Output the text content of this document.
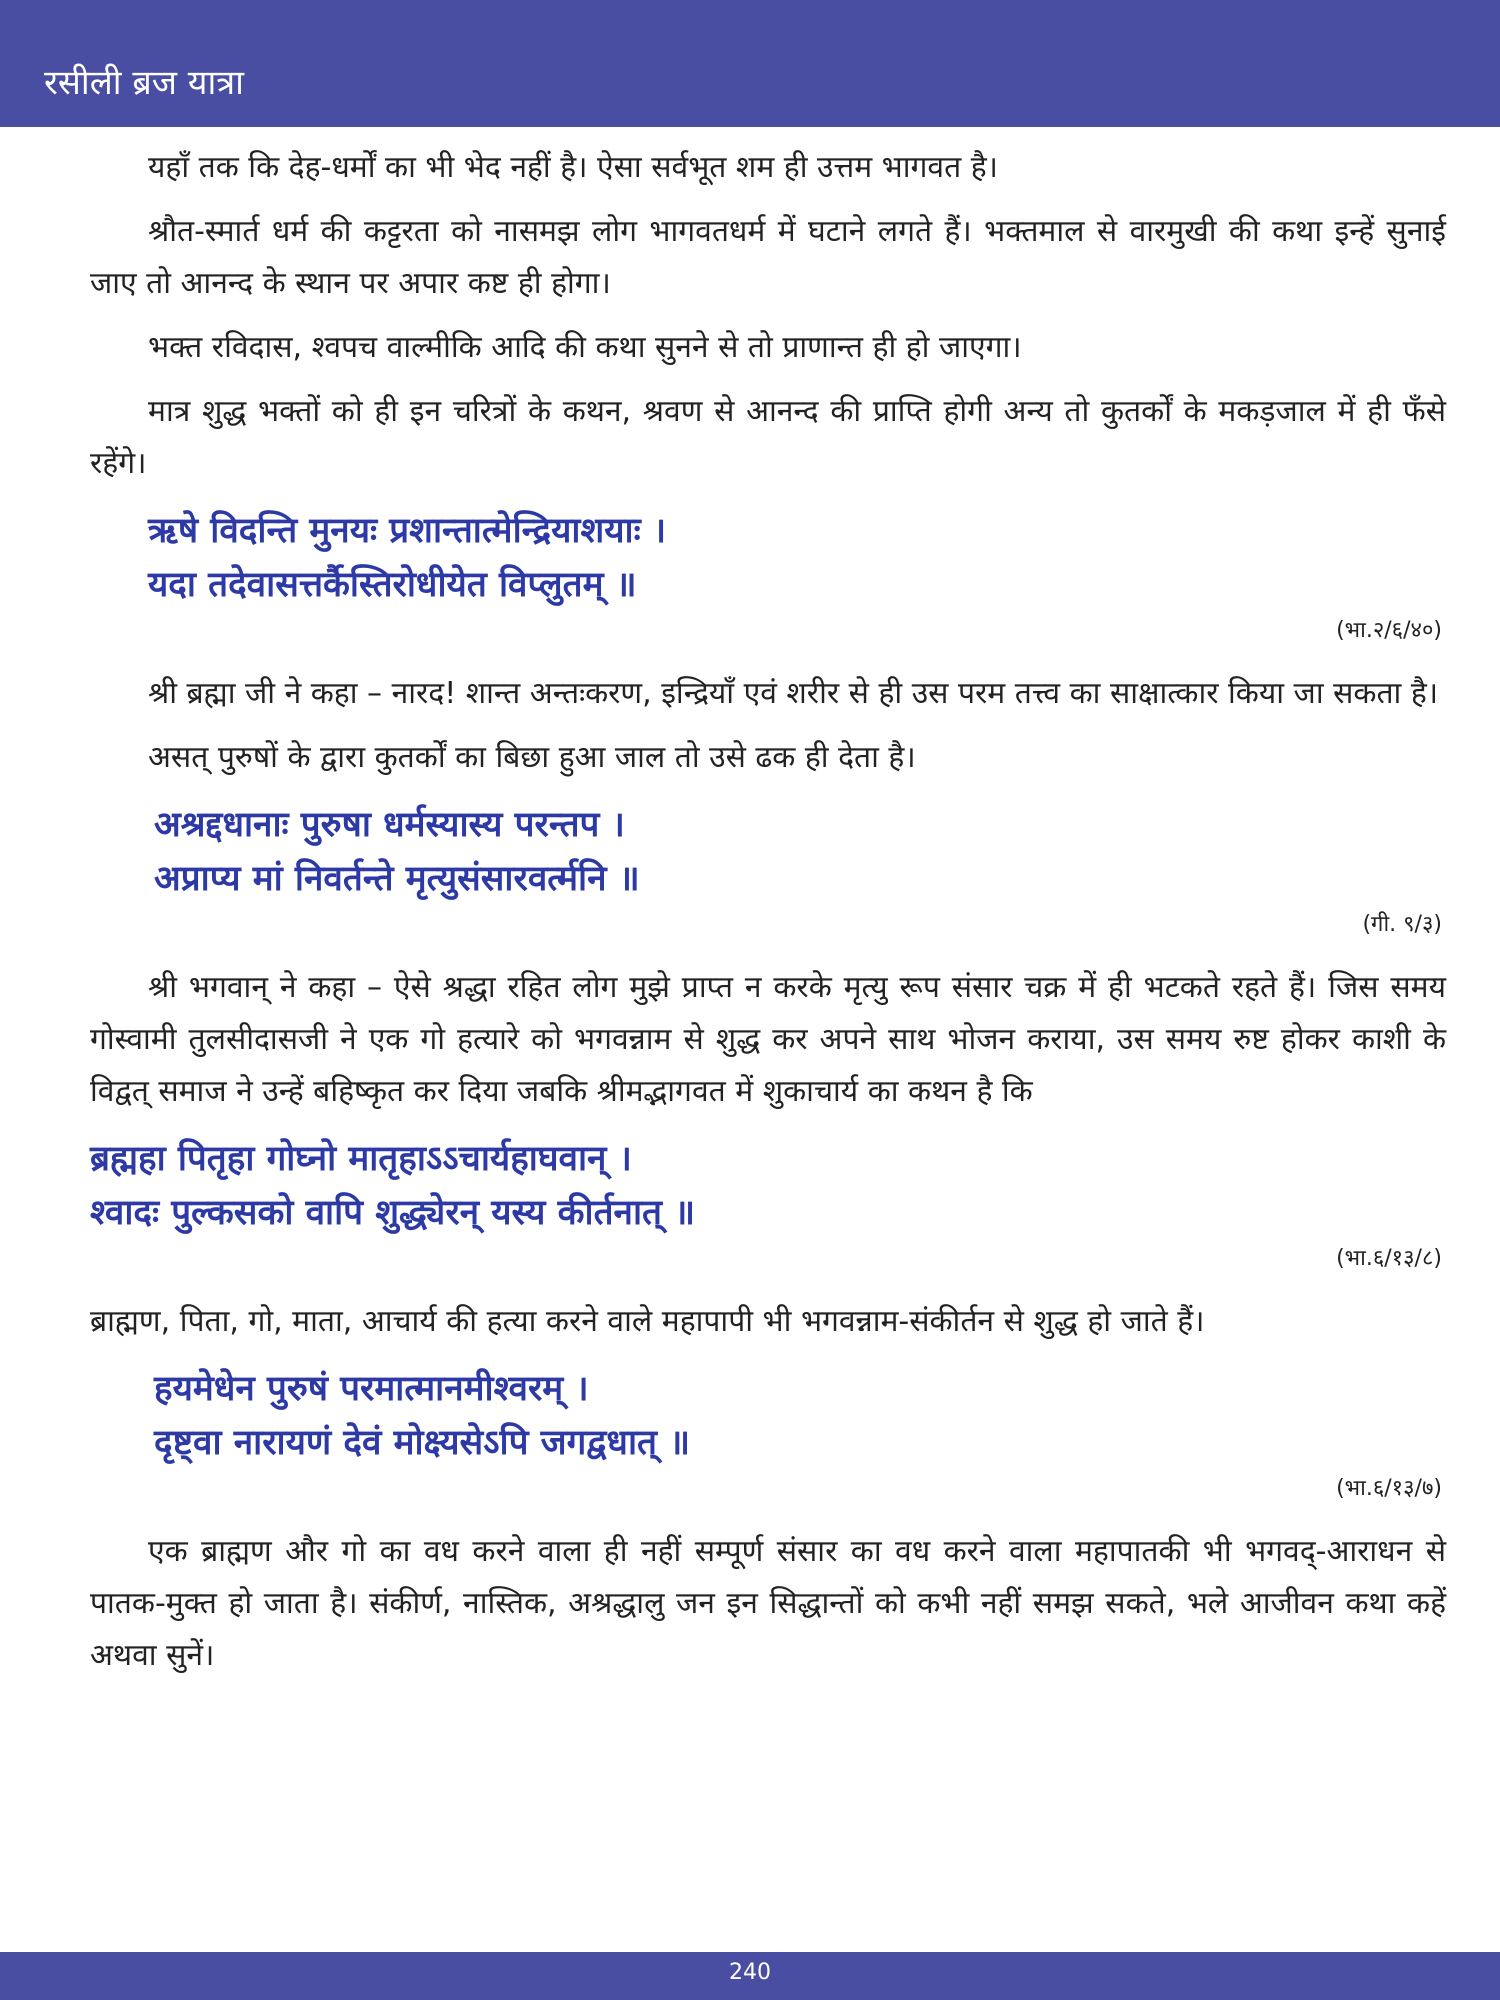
रसीली ब्रज यात्रा

यहाँ तक कि देह-धर्मों का भी भेद नहीं है। ऐसा सर्वभूत शम ही उत्तम भागवत है।

श्रौत-स्मार्त धर्म की कट्टरता को नासमझ लोग भागवतधर्म में घटाने लगते हैं। भक्तमाल से वारमुखी की कथा इन्हें सुनाई जाए तो आनन्द के स्थान पर अपार कष्ट ही होगा।

भक्त रविदास, श्वपच वाल्मीकि आदि की कथा सुनने से तो प्राणान्त ही हो जाएगा।

मात्र शुद्ध भक्तों को ही इन चरित्रों के कथन, श्रवण से आनन्द की प्राप्ति होगी अन्य तो कुतर्कों के मकड़जाल में ही फँसे रहेंगे।

ऋषे विदन्ति मुनयः प्रशान्तात्मेन्द्रियाशयाः ।
यदा तदेवासत्तर्कैस्तिरोधीयेत विप्लुतम् ॥
(भा.२/६/४०)

श्री ब्रह्मा जी ने कहा – नारद! शान्त अन्तःकरण, इन्द्रियाँ एवं शरीर से ही उस परम तत्त्व का साक्षात्कार किया जा सकता है।

असत् पुरुषों के द्वारा कुतर्कों का बिछा हुआ जाल तो उसे ढक ही देता है।

अश्रद्दधानाः पुरुषा धर्मस्यास्य परन्तप ।
अप्राप्य मां निवर्तन्ते मृत्युसंसारवर्त्मनि ॥
(गी. ९/३)

श्री भगवान् ने कहा – ऐसे श्रद्धा रहित लोग मुझे प्राप्त न करके मृत्यु रूप संसार चक्र में ही भटकते रहते हैं। जिस समय गोस्वामी तुलसीदासजी ने एक गो हत्यारे को भगवन्नाम से शुद्ध कर अपने साथ भोजन कराया, उस समय रुष्ट होकर काशी के विद्वत् समाज ने उन्हें बहिष्कृत कर दिया जबकि श्रीमद्भागवत में शुकाचार्य का कथन है कि

ब्रह्महा पितृहा गोघ्नो मातृहाऽऽचार्यहाघवान् ।
श्वादः पुल्कसको वापि शुद्ध्येरन् यस्य कीर्तनात् ॥
(भा.६/१३/८)

ब्राह्मण, पिता, गो, माता, आचार्य की हत्या करने वाले महापापी भी भगवन्नाम-संकीर्तन से शुद्ध हो जाते हैं।

हयमेधेन पुरुषं परमात्मानमीश्वरम् ।
दृष्ट्वा नारायणं देवं मोक्ष्यसेऽपि जगद्वधात् ॥
(भा.६/१३/७)

एक ब्राह्मण और गो का वध करने वाला ही नहीं सम्पूर्ण संसार का वध करने वाला महापातकी भी भगवद्-आराधन से पातक-मुक्त हो जाता है। संकीर्ण, नास्तिक, अश्रद्धालु जन इन सिद्धान्तों को कभी नहीं समझ सकते, भले आजीवन कथा कहें अथवा सुनें।

240
